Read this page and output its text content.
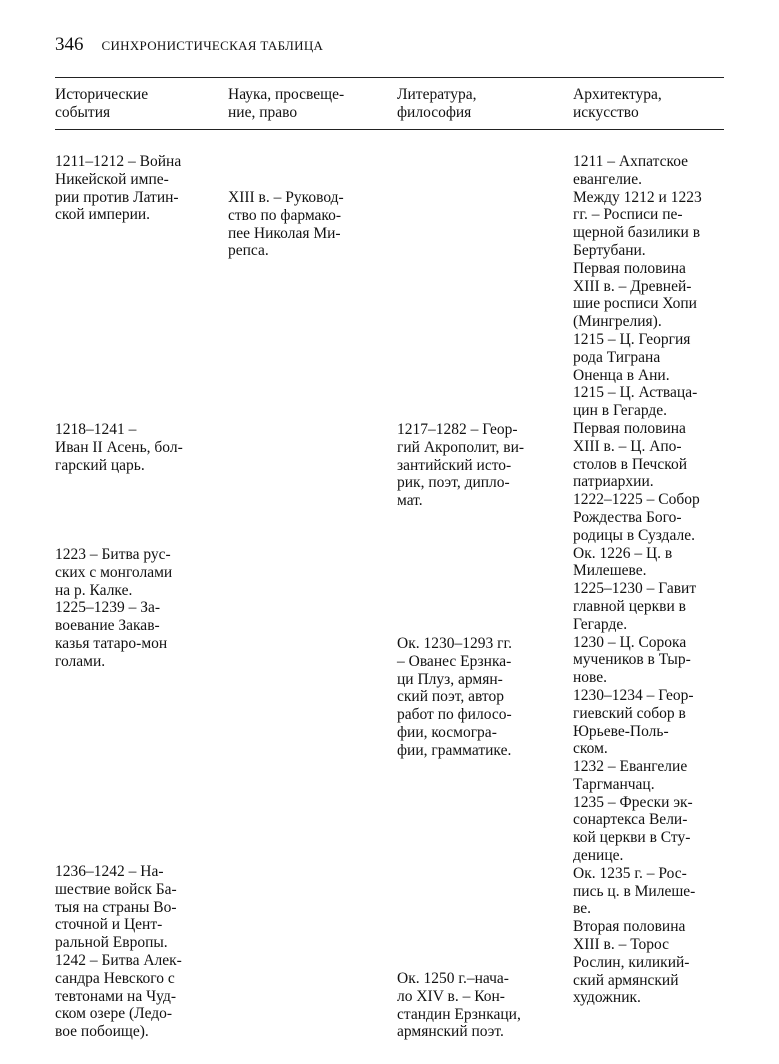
346 СИНХРОНИСТИЧЕСКАЯ ТАБЛИЦА
Исторические
события
Наука, просвеще-
ние, право
Литература,
философия
Архитектура,
искусство
1211–1212 – Война
Никейской импе-
рии против Латин-
ской империи.
1218–1241 –
Иван II Асень, бол-
гарский царь.
1223 – Битва рус-
ских с монголами
на р. Калке.
1225–1239 – За-
воевание Закав-
казья татаро-мон
голами.
1236–1242 – На-
шествие войск Ба-
тыя на страны Во-
сточной и Цент-
ральной Европы.
1242 – Битва Алек-
сандра Невского с
тевтонами на Чуд-
ском озере (Ледо-
вое побоище).
XIII в. – Руковод-
ство по фармако-
пее Николая Ми-
репса.
1217–1282 – Геор-
гий Акрополит, ви-
зантийский исто-
рик, поэт, дипло-
мат.
Ок. 1230–1293 гг.
– Ованес Ерзнка-
ци Плуз, армян-
ский поэт, автор
работ по филосо-
фии, космогра-
фии, грамматике.
Ок. 1250 г.–нача-
ло XIV в. – Кон-
стандин Ерзнкаци,
армянский поэт.
1211 – Ахпатское
евангелие.
Между 1212 и 1223
гг. – Росписи пе-
щерной базилики в
Бертубани.
Первая половина
XIII в. – Древней-
шие росписи Хопи
(Мингрелия).
1215 – Ц. Георгия
рода Тиграна
Оненца в Ани.
1215 – Ц. Астваца-
цин в Гегарде.
Первая половина
XIII в. – Ц. Апо-
столов в Печской
патриархии.
1222–1225 – Собор
Рождества Бого-
родицы в Суздале.
Ок. 1226 – Ц. в
Милешеве.
1225–1230 – Гавит
главной церкви в
Гегарде.
1230 – Ц. Сорока
мучеников в Тыр-
нове.
1230–1234 – Геор-
гиевский собор в
Юрьеве-Поль-
ском.
1232 – Евангелие
Таргманчац.
1235 – Фрески эк-
сонартекса Вели-
кой церкви в Сту-
денице.
Ок. 1235 г. – Рос-
пись ц. в Милеше-
ве.
Вторая половина
XIII в. – Торос
Рослин, киликий-
ский армянский
художник.
